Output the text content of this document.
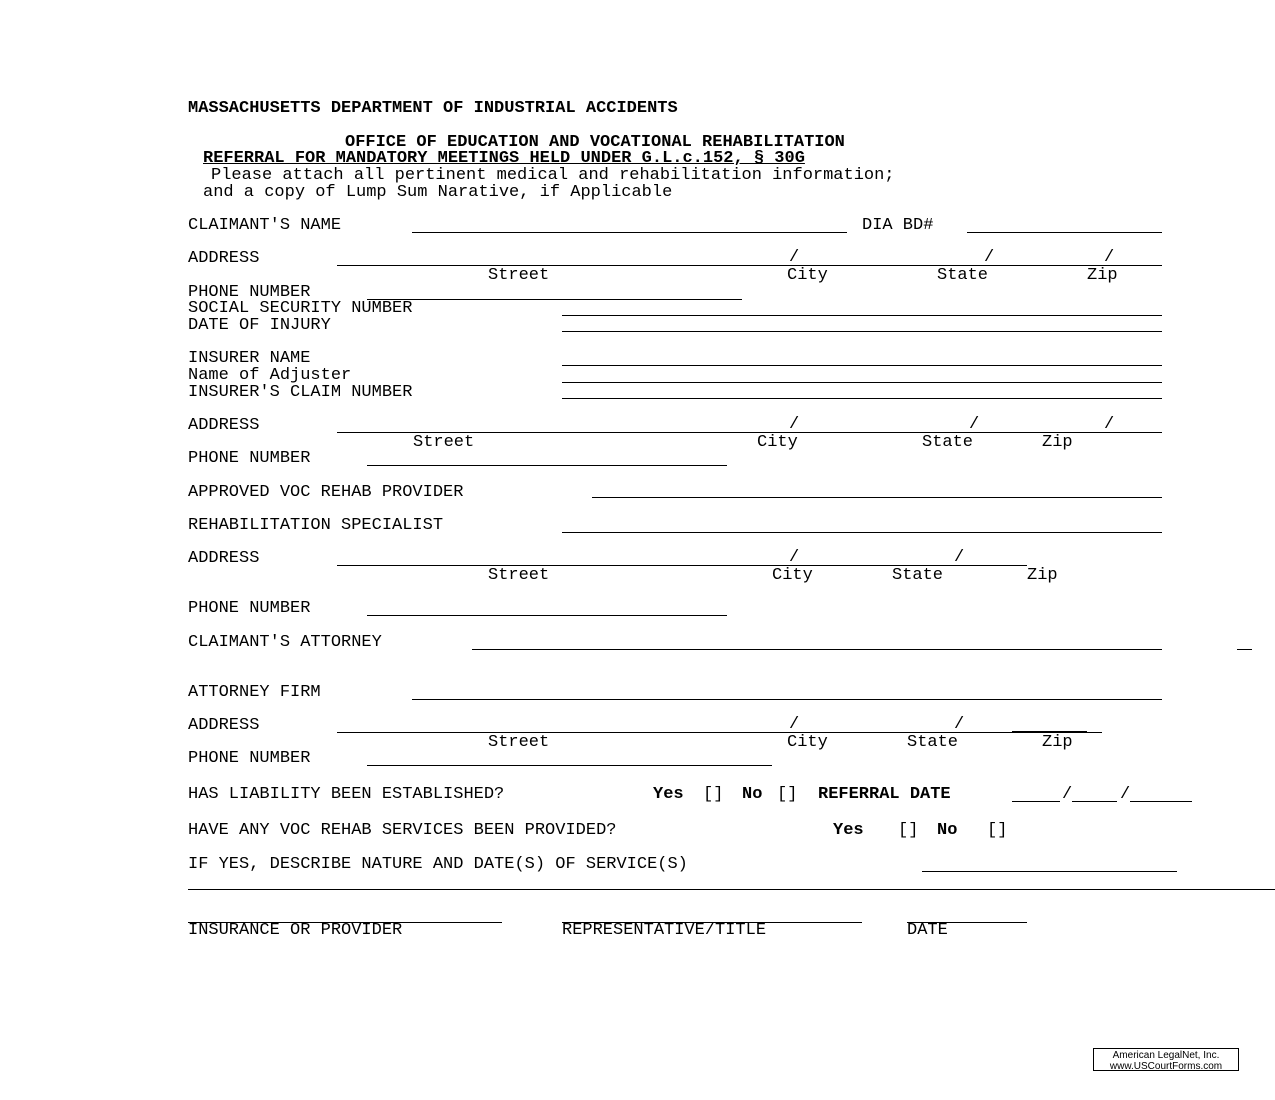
MASSACHUSETTS DEPARTMENT OF INDUSTRIAL ACCIDENTS
OFFICE OF EDUCATION AND VOCATIONAL REHABILITATION
REFERRAL FOR MANDATORY MEETINGS HELD UNDER G.L.c.152, § 30G
Please attach all pertinent medical and rehabilitation information;
and a copy of Lump Sum Narative, if Applicable
CLAIMANT'S NAME	DIA BD#
ADDRESS	/	/	/
Street	City	State	Zip
PHONE NUMBER
SOCIAL SECURITY NUMBER
DATE OF INJURY
INSURER NAME
Name of Adjuster
INSURER'S CLAIM NUMBER
ADDRESS	/	/	/
Street	City	State	Zip
PHONE NUMBER
APPROVED VOC REHAB PROVIDER
REHABILITATION SPECIALIST
ADDRESS	/	/
Street	City	State	Zip
PHONE NUMBER
CLAIMANT'S ATTORNEY
ATTORNEY FIRM
ADDRESS	/	/
Street	City	State	Zip
PHONE NUMBER
HAS LIABILITY BEEN ESTABLISHED?	Yes [] No [] REFERRAL DATE	/	/
HAVE ANY VOC REHAB SERVICES BEEN PROVIDED?	Yes [] No []
IF YES, DESCRIBE NATURE AND DATE(S) OF SERVICE(S)
INSURANCE OR PROVIDER	REPRESENTATIVE/TITLE	DATE
American LegalNet, Inc.
www.USCourtForms.com
